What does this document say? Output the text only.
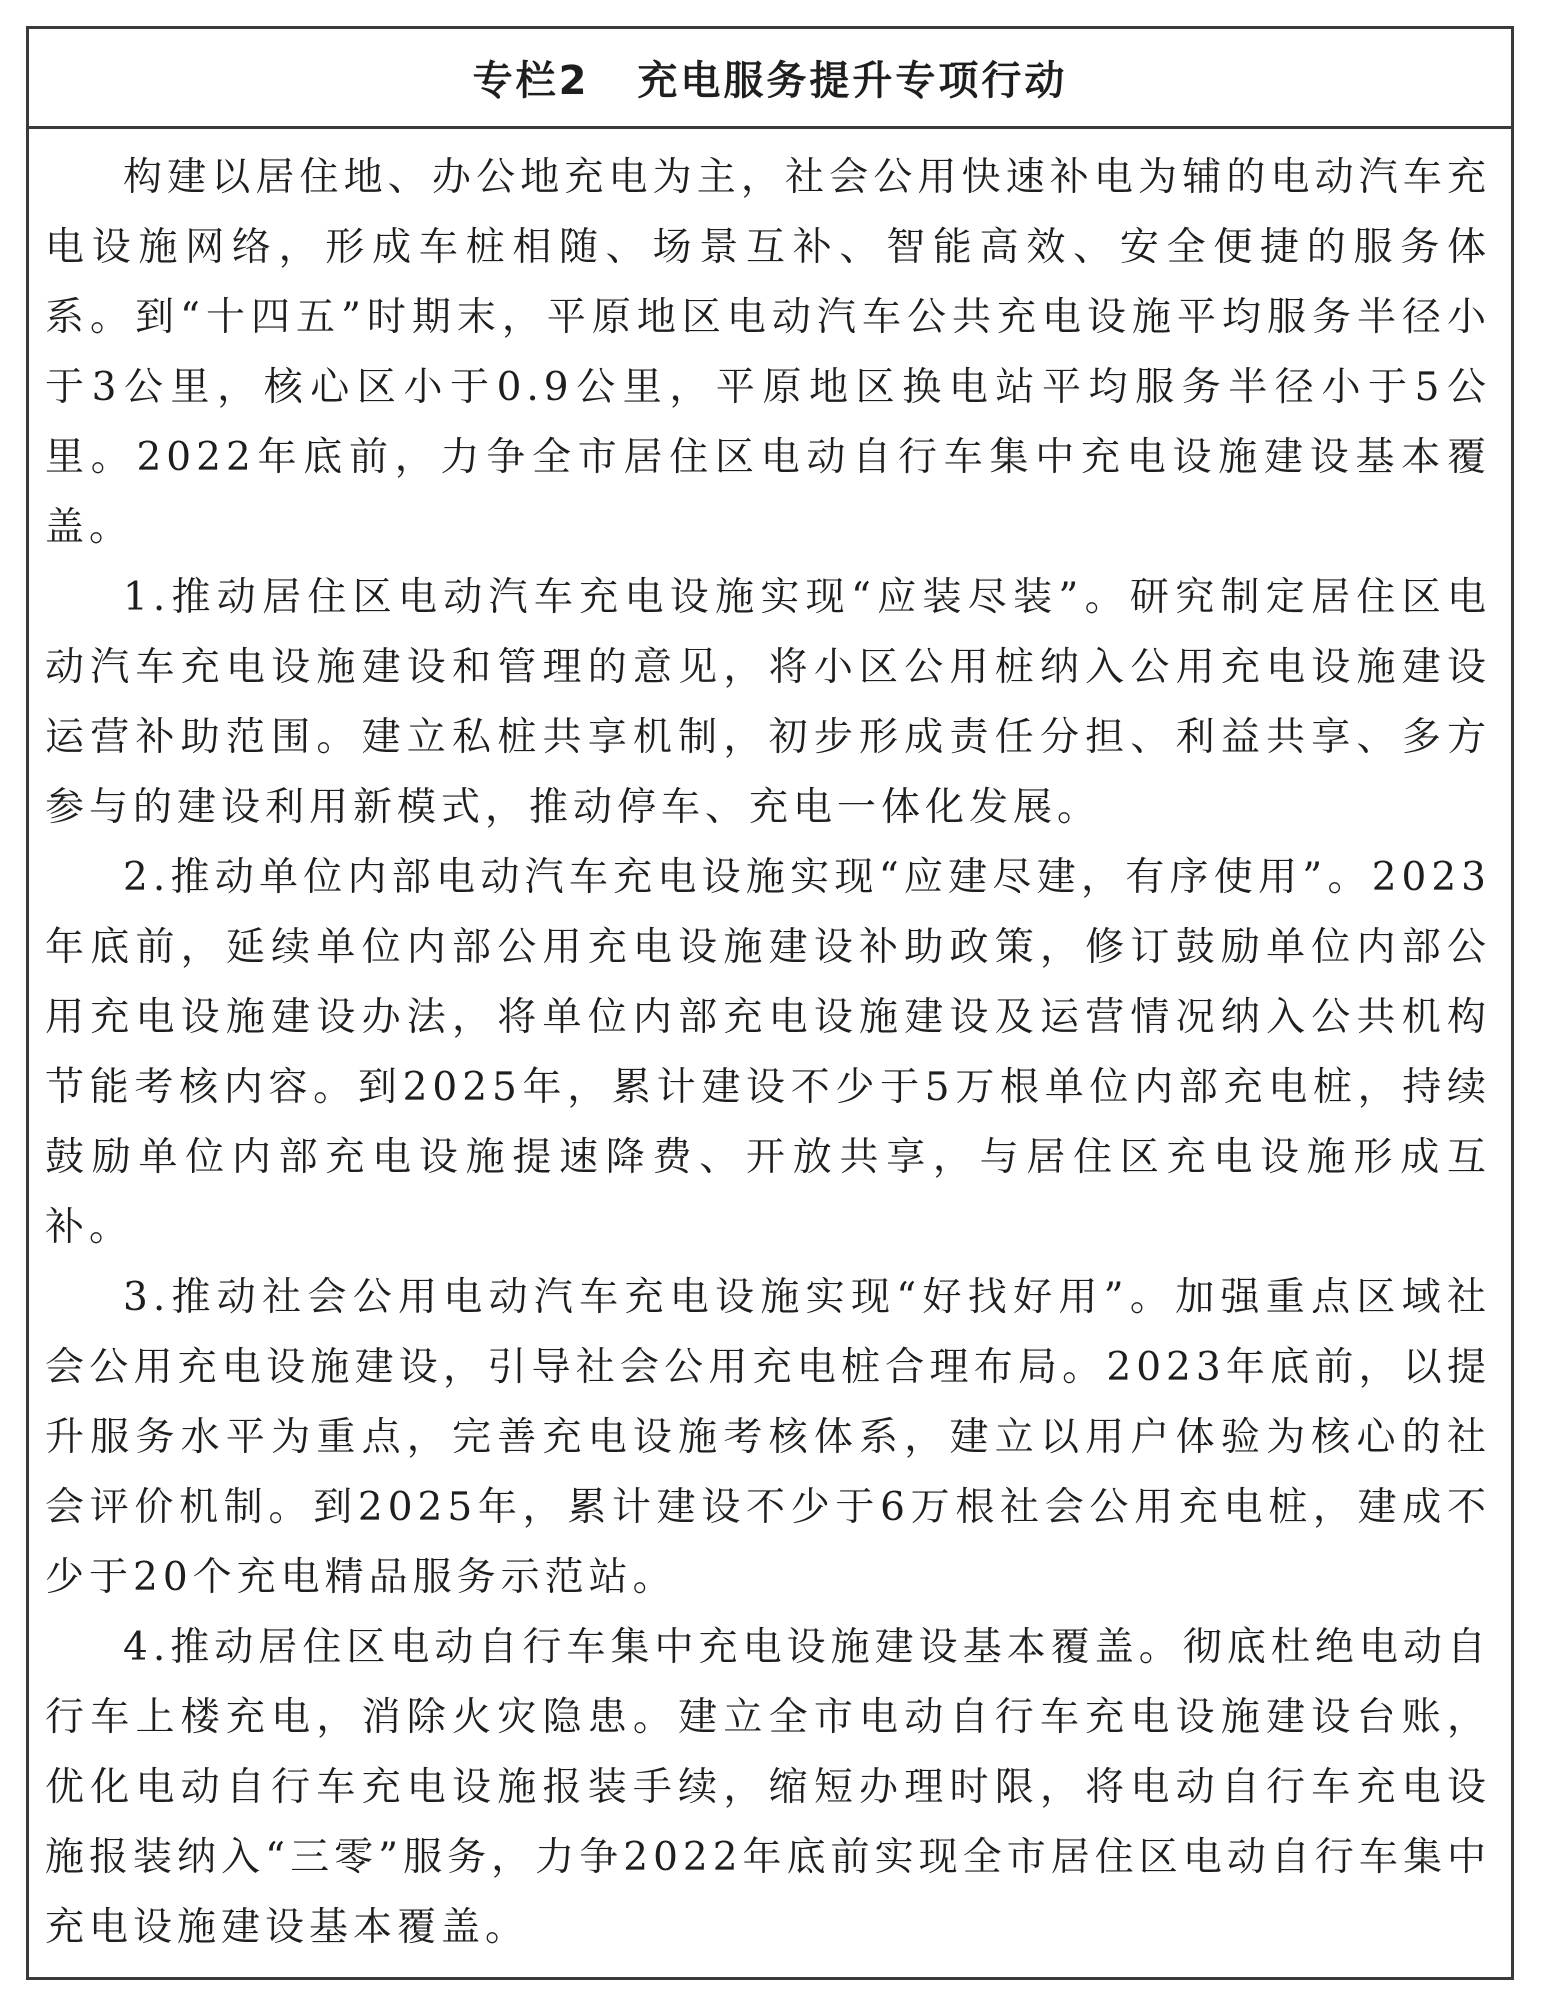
专栏2 充电服务提升专项行动

构建以居住地、办公地充电为主，社会公用快速补电为辅的电动汽车充电设施网络，形成车桩相随、场景互补、智能高效、安全便捷的服务体系。到“十四五”时期末，平原地区电动汽车公共充电设施平均服务半径小于3公里，核心区小于0.9公里，平原地区换电站平均服务半径小于5公里。2022年底前，力争全市居住区电动自行车集中充电设施建设基本覆盖。

1.推动居住区电动汽车充电设施实现“应装尽装”。研究制定居住区电动汽车充电设施建设和管理的意见，将小区公用桩纳入公用充电设施建设运营补助范围。建立私桩共享机制，初步形成责任分担、利益共享、多方参与的建设利用新模式，推动停车、充电一体化发展。

2.推动单位内部电动汽车充电设施实现“应建尽建，有序使用”。2023年底前，延续单位内部公用充电设施建设补助政策，修订鼓励单位内部公用充电设施建设办法，将单位内部充电设施建设及运营情况纳入公共机构节能考核内容。到2025年，累计建设不少于5万根单位内部充电桩，持续鼓励单位内部充电设施提速降费、开放共享，与居住区充电设施形成互补。

3.推动社会公用电动汽车充电设施实现“好找好用”。加强重点区域社会公用充电设施建设，引导社会公用充电桩合理布局。2023年底前，以提升服务水平为重点，完善充电设施考核体系，建立以用户体验为核心的社会评价机制。到2025年，累计建设不少于6万根社会公用充电桩，建成不少于20个充电精品服务示范站。

4.推动居住区电动自行车集中充电设施建设基本覆盖。彻底杜绝电动自行车上楼充电，消除火灾隐患。建立全市电动自行车充电设施建设台账，优化电动自行车充电设施报装手续，缩短办理时限，将电动自行车充电设施报装纳入“三零”服务，力争2022年底前实现全市居住区电动自行车集中充电设施建设基本覆盖。
